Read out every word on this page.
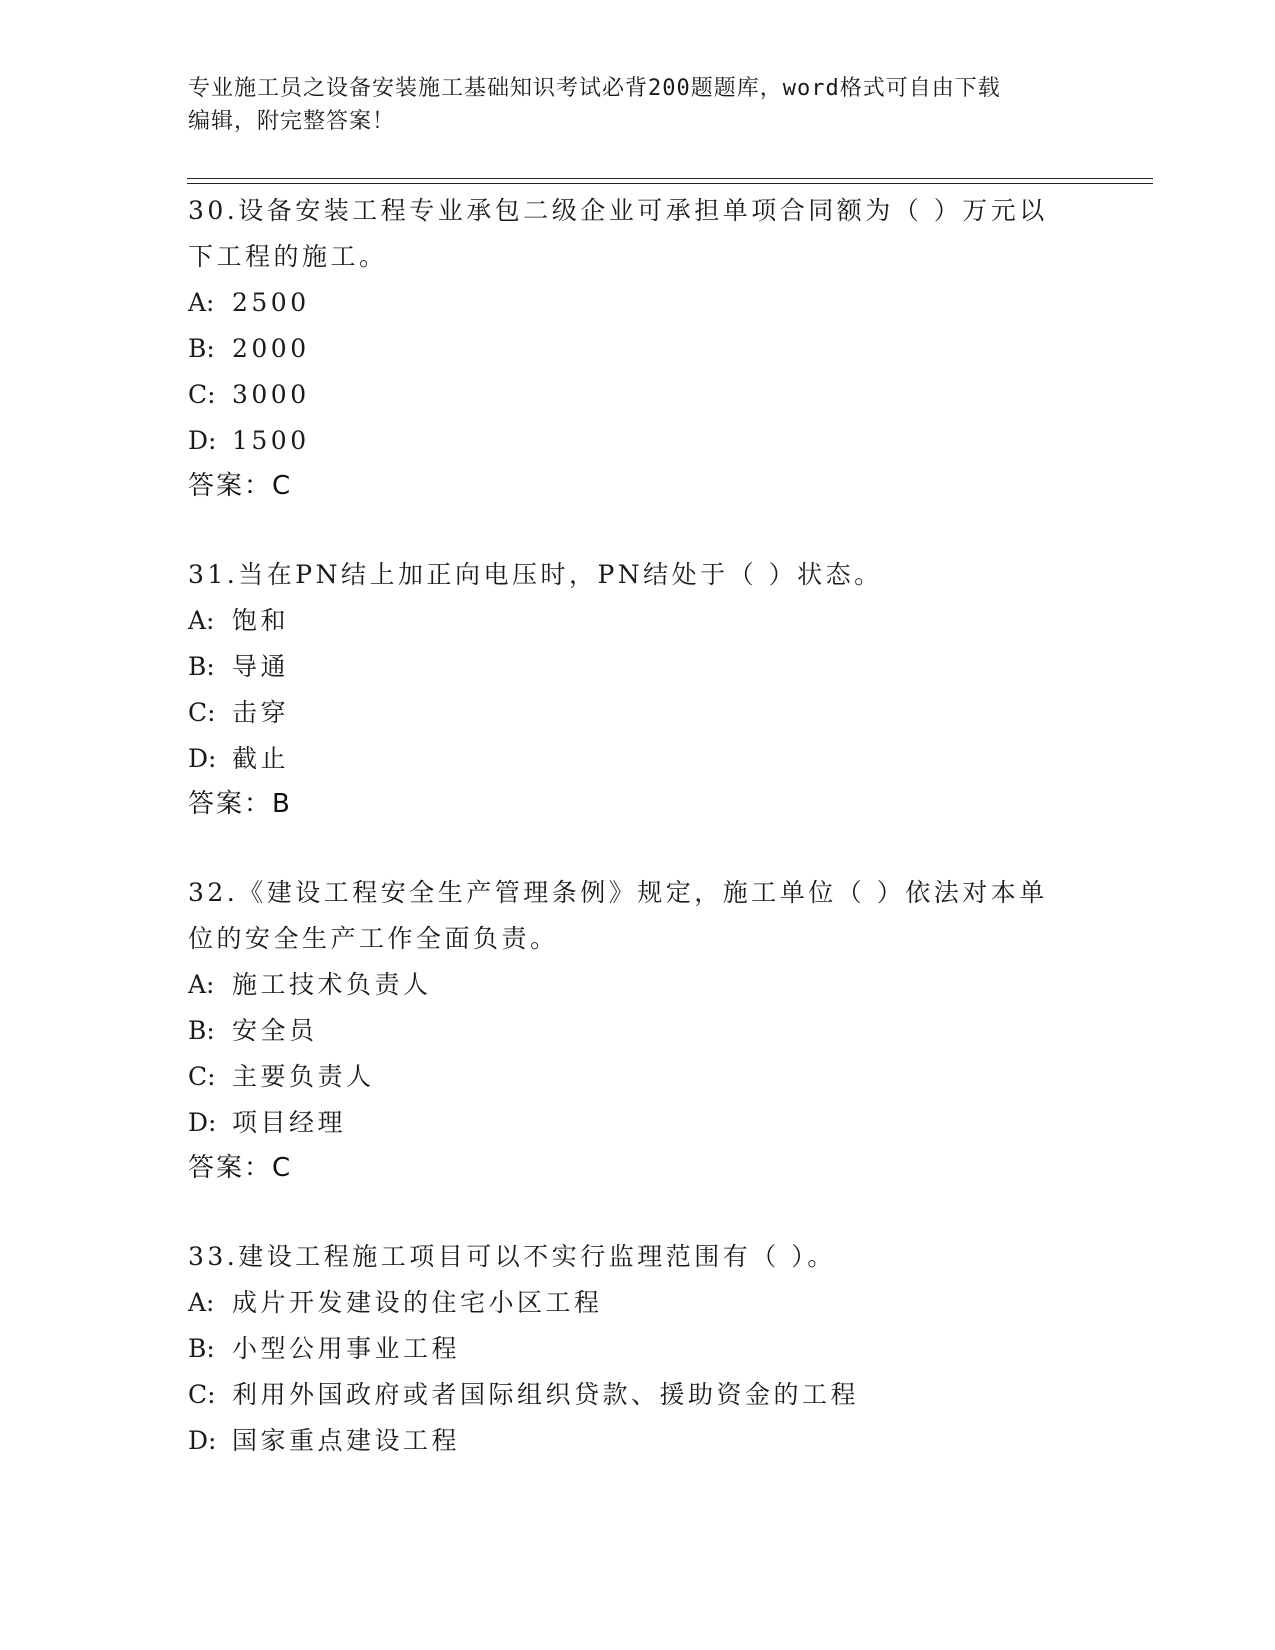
专业施工员之设备安装施工基础知识考试必背200题题库，word格式可自由下载
编辑，附完整答案！
30.设备安装工程专业承包二级企业可承担单项合同额为（ ）万元以下工程的施工。
A: 2500
B: 2000
C: 3000
D: 1500
答案：C
31.当在PN结上加正向电压时，PN结处于（ ）状态。
A: 饱和
B: 导通
C: 击穿
D: 截止
答案：B
32.《建设工程安全生产管理条例》规定，施工单位（ ）依法对本单位的安全生产工作全面负责。
A: 施工技术负责人
B: 安全员
C: 主要负责人
D: 项目经理
答案：C
33.建设工程施工项目可以不实行监理范围有（ ）。
A: 成片开发建设的住宅小区工程
B: 小型公用事业工程
C: 利用外国政府或者国际组织贷款、援助资金的工程
D: 国家重点建设工程
